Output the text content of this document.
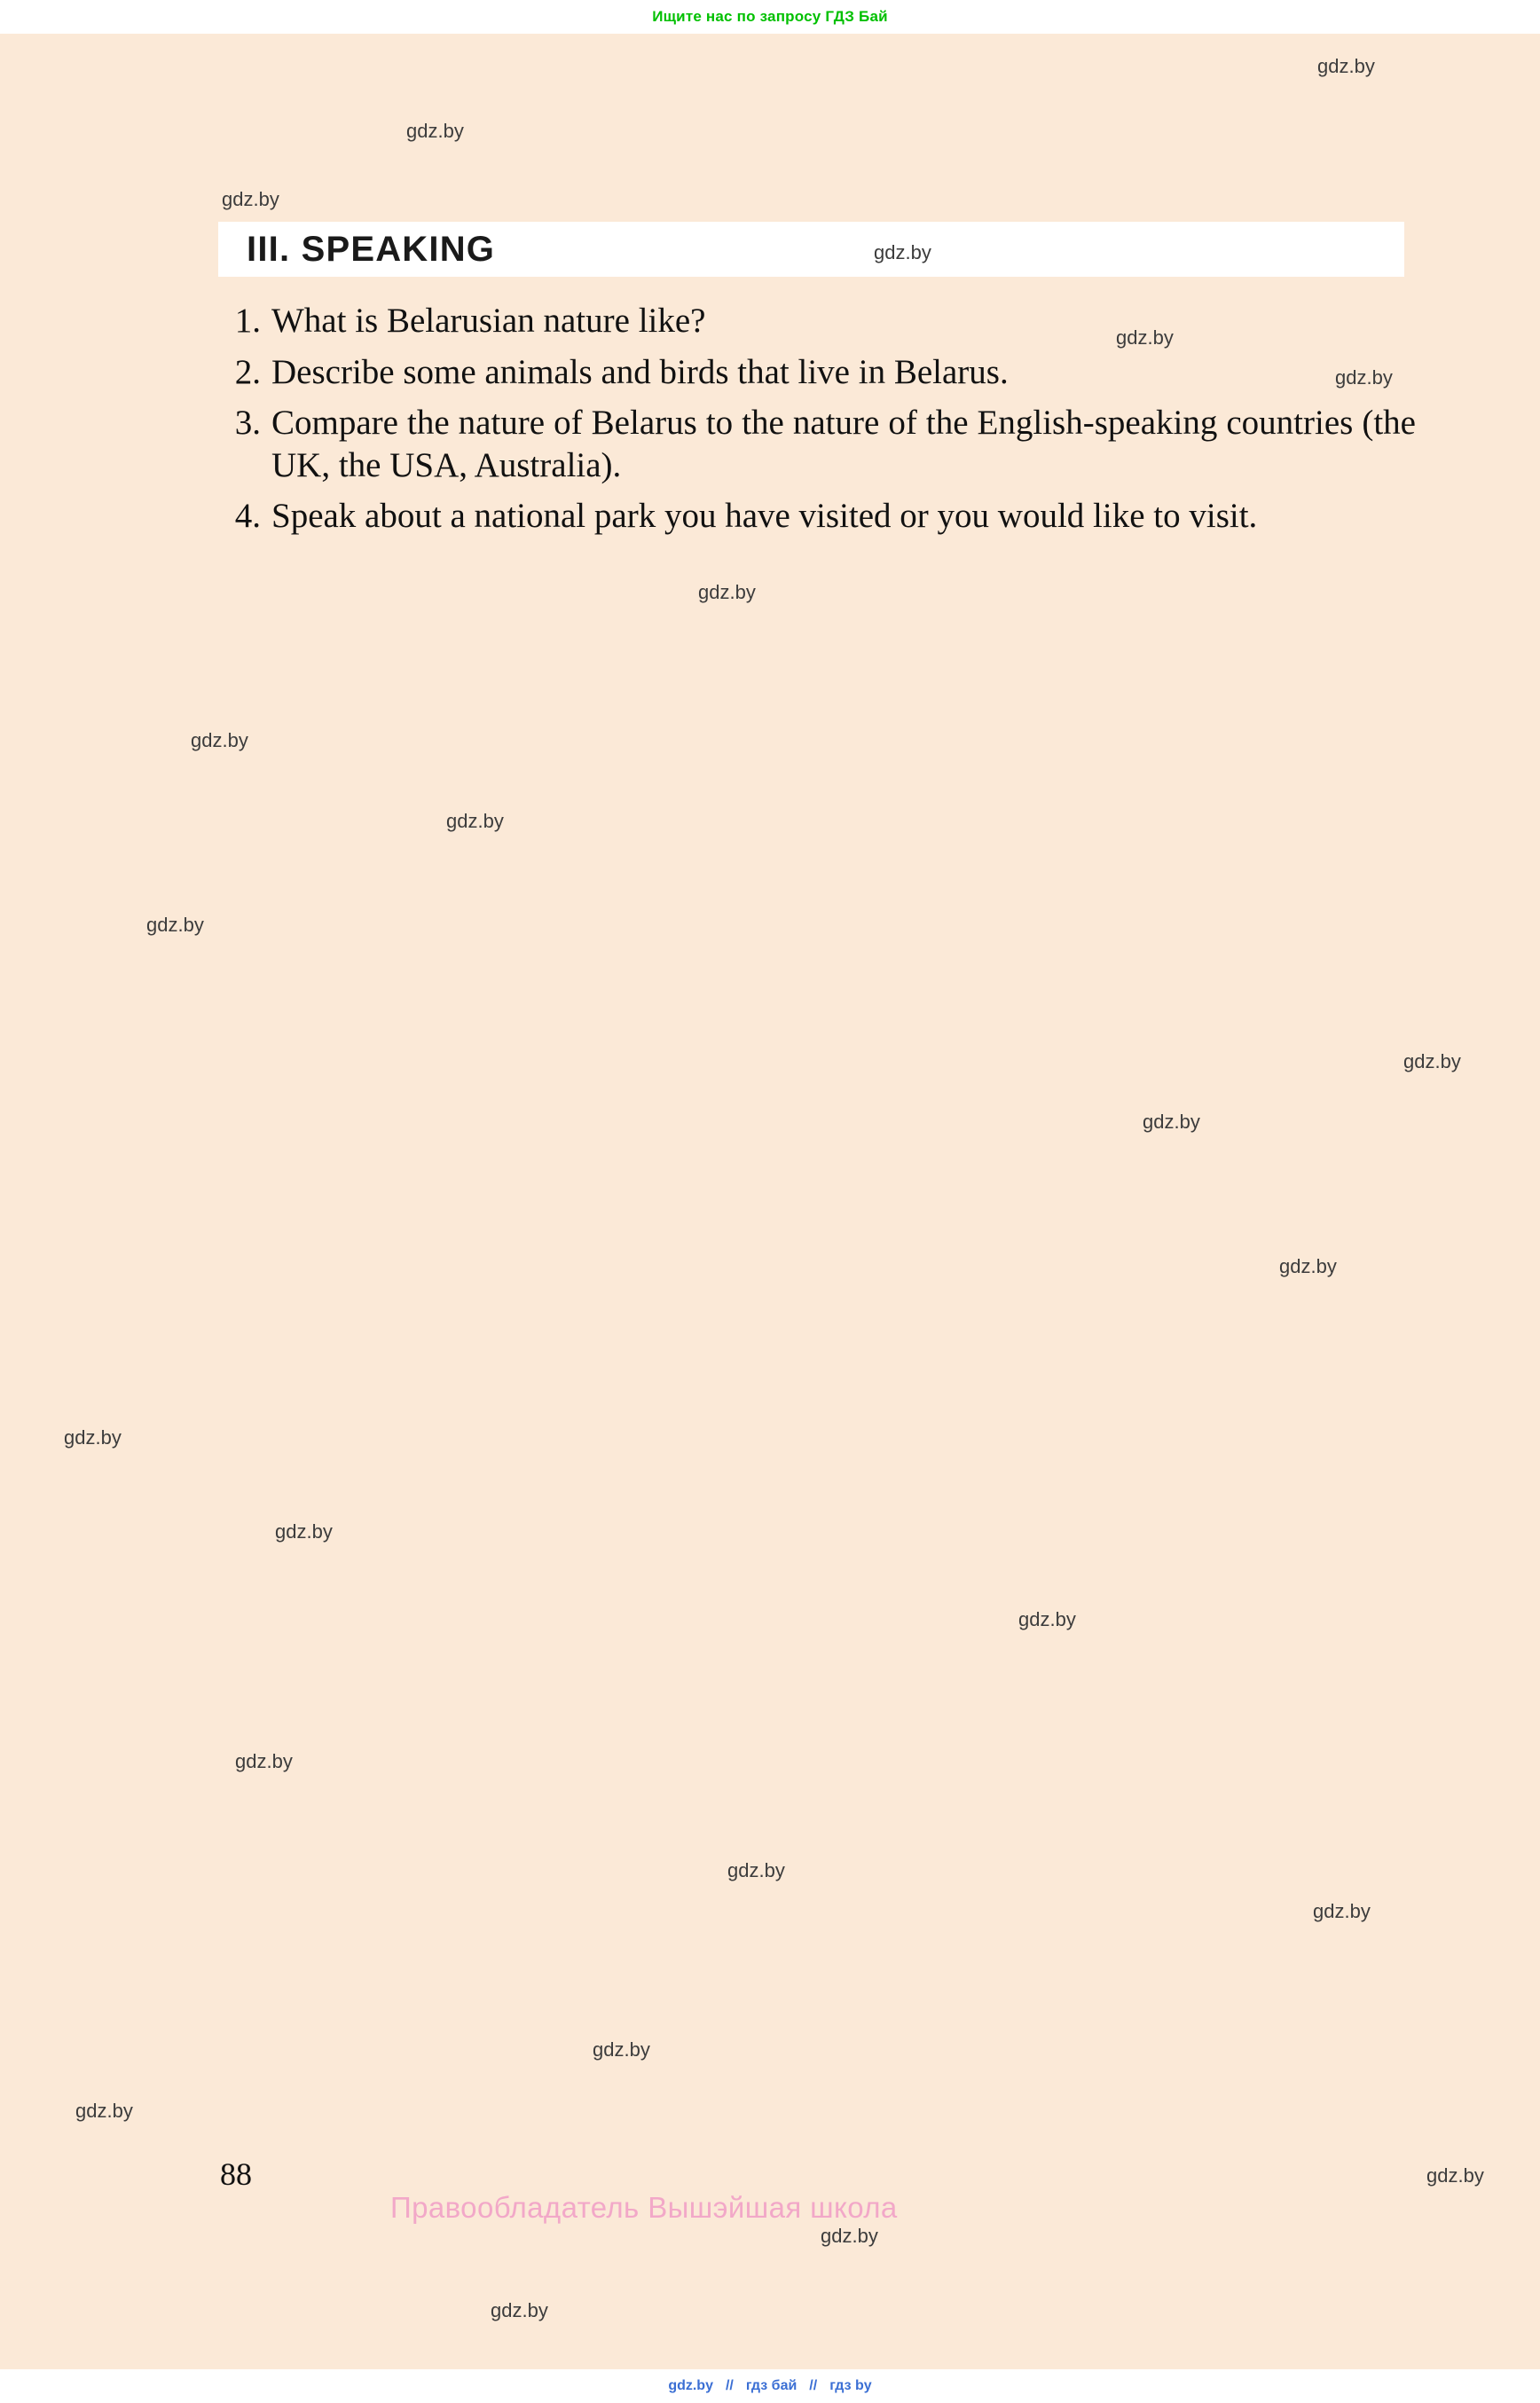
Ищите нас по запросу ГДЗ Бай
III. SPEAKING
1. What is Belarusian nature like?
2. Describe some animals and birds that live in Belarus.
3. Compare the nature of Belarus to the nature of the English-speaking countries (the UK, the USA, Australia).
4. Speak about a national park you have visited or you would like to visit.
88
Правообладатель Вышэйшая школа
gdz.by
gdz.by
gdz.by
gdz.by
gdz.by
gdz.by
gdz.by
gdz.by
gdz.by
gdz.by
gdz.by
gdz.by
gdz.by
gdz.by
gdz.by
gdz.by
gdz.by
gdz.by
gdz.by
gdz.by
gdz.by
gdz.by
gdz.by
gdz.by
gdz.by // гдз бай // гдз by
